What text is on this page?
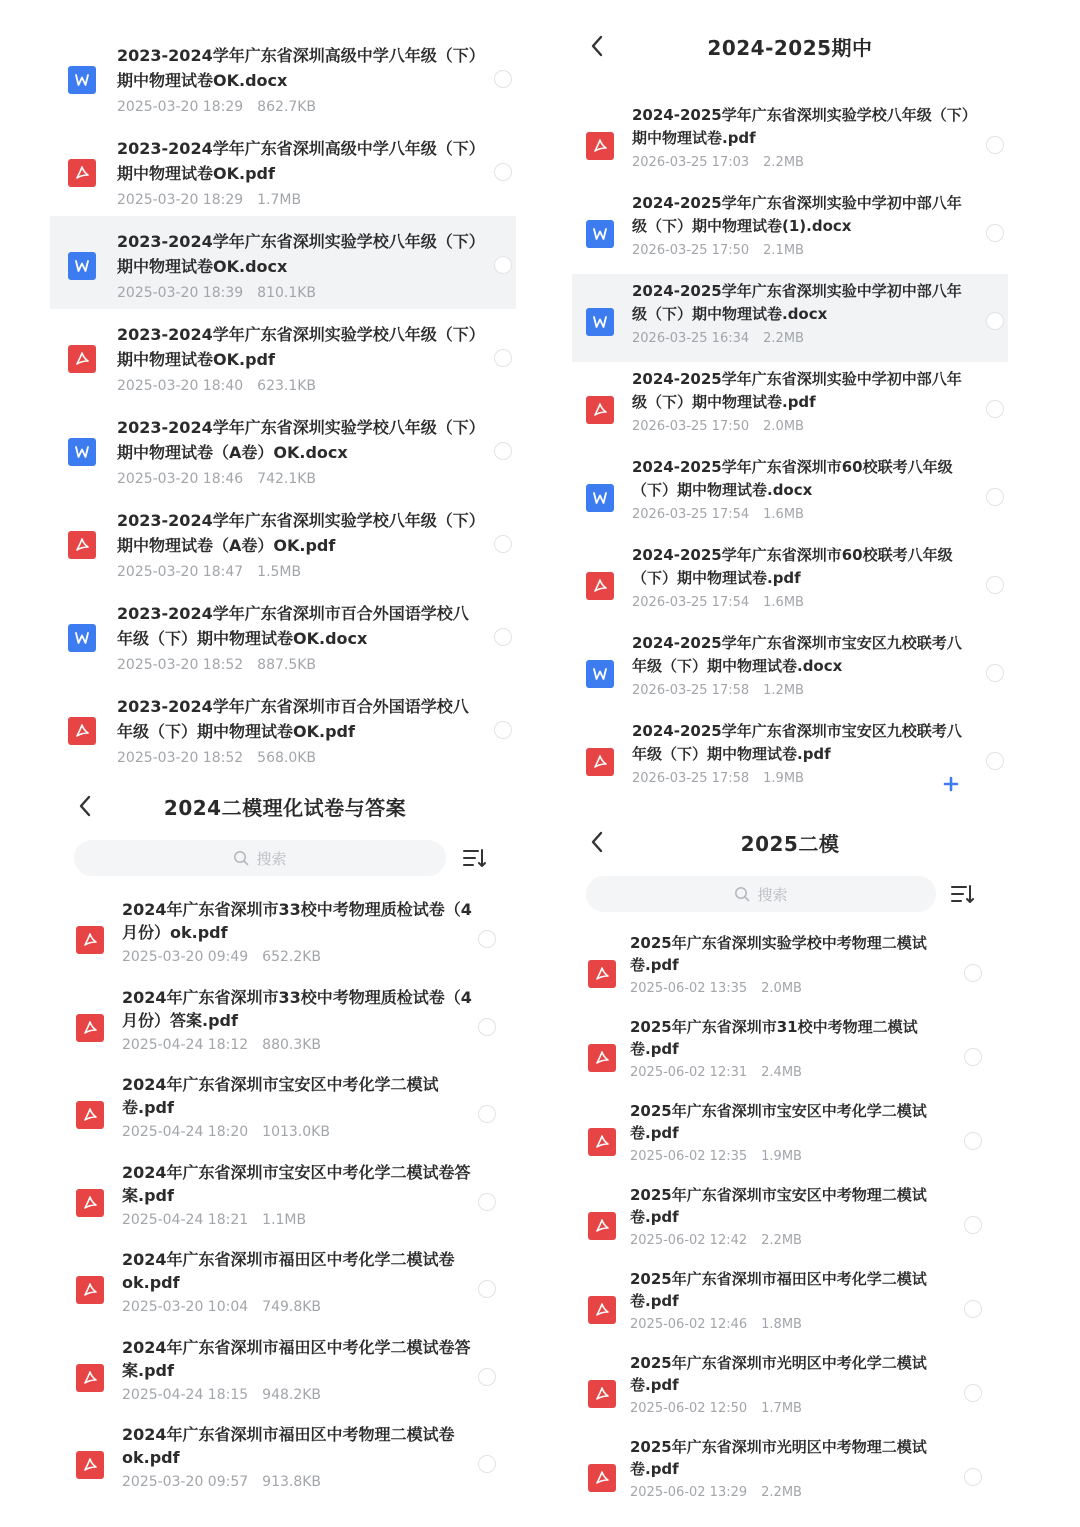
2023-2024学年广东省深圳高级中学八年级（下）期中物理试卷OK.docx
2025-03-20 18:29 862.7KB
2023-2024学年广东省深圳高级中学八年级（下）期中物理试卷OK.pdf
2025-03-20 18:29 1.7MB
2023-2024学年广东省深圳实验学校八年级（下）期中物理试卷OK.docx
2025-03-20 18:39 810.1KB
2023-2024学年广东省深圳实验学校八年级（下）期中物理试卷OK.pdf
2025-03-20 18:40 623.1KB
2023-2024学年广东省深圳实验学校八年级（下）期中物理试卷（A卷）OK.docx
2025-03-20 18:46 742.1KB
2023-2024学年广东省深圳实验学校八年级（下）期中物理试卷（A卷）OK.pdf
2025-03-20 18:47 1.5MB
2023-2024学年广东省深圳市百合外国语学校八年级（下）期中物理试卷OK.docx
2025-03-20 18:52 887.5KB
2023-2024学年广东省深圳市百合外国语学校八年级（下）期中物理试卷OK.pdf
2025-03-20 18:52 568.0KB
2024-2025期中
2024-2025学年广东省深圳实验学校八年级（下）期中物理试卷.pdf
2026-03-25 17:03 2.2MB
2024-2025学年广东省深圳实验中学初中部八年级（下）期中物理试卷(1).docx
2026-03-25 17:50 2.1MB
2024-2025学年广东省深圳实验中学初中部八年级（下）期中物理试卷.docx
2026-03-25 16:34 2.2MB
2024-2025学年广东省深圳实验中学初中部八年级（下）期中物理试卷.pdf
2026-03-25 17:50 2.0MB
2024-2025学年广东省深圳市60校联考八年级（下）期中物理试卷.docx
2026-03-25 17:54 1.6MB
2024-2025学年广东省深圳市60校联考八年级（下）期中物理试卷.pdf
2026-03-25 17:54 1.6MB
2024-2025学年广东省深圳市宝安区九校联考八年级（下）期中物理试卷.docx
2026-03-25 17:58 1.2MB
2024-2025学年广东省深圳市宝安区九校联考八年级（下）期中物理试卷.pdf
2026-03-25 17:58 1.9MB
2024二模理化试卷与答案
搜索
2024年广东省深圳市33校中考物理质检试卷（4月份）ok.pdf
2025-03-20 09:49 652.2KB
2024年广东省深圳市33校中考物理质检试卷（4月份）答案.pdf
2025-04-24 18:12 880.3KB
2024年广东省深圳市宝安区中考化学二模试卷.pdf
2025-04-24 18:20 1013.0KB
2024年广东省深圳市宝安区中考化学二模试卷答案.pdf
2025-04-24 18:21 1.1MB
2024年广东省深圳市福田区中考化学二模试卷ok.pdf
2025-03-20 10:04 749.8KB
2024年广东省深圳市福田区中考化学二模试卷答案.pdf
2025-04-24 18:15 948.2KB
2024年广东省深圳市福田区中考物理二模试卷ok.pdf
2025-03-20 09:57 913.8KB
2025二模
搜索
2025年广东省深圳实验学校中考物理二模试卷.pdf
2025-06-02 13:35 2.0MB
2025年广东省深圳市31校中考物理二模试卷.pdf
2025-06-02 12:31 2.4MB
2025年广东省深圳市宝安区中考化学二模试卷.pdf
2025-06-02 12:35 1.9MB
2025年广东省深圳市宝安区中考物理二模试卷.pdf
2025-06-02 12:42 2.2MB
2025年广东省深圳市福田区中考化学二模试卷.pdf
2025-06-02 12:46 1.8MB
2025年广东省深圳市光明区中考化学二模试卷.pdf
2025-06-02 12:50 1.7MB
2025年广东省深圳市光明区中考物理二模试卷.pdf
2025-06-02 13:29 2.2MB
